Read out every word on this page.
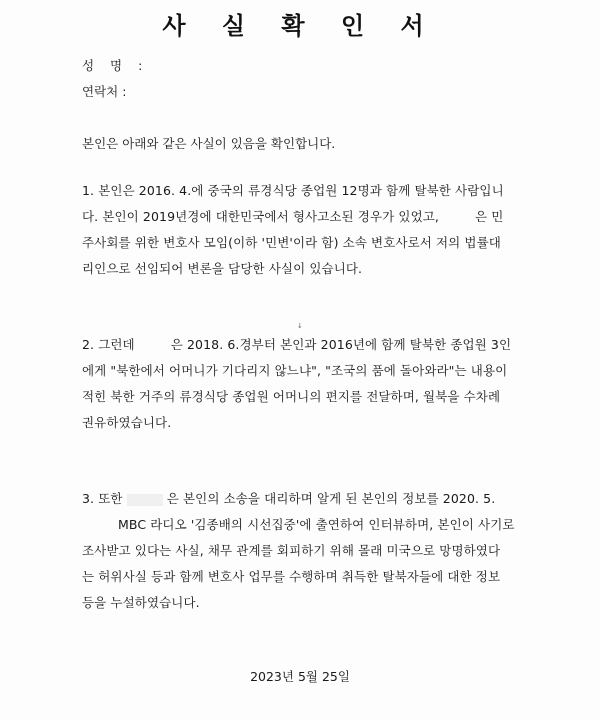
사 실 확 인 서
성 명 :
연락처 :
본인은 아래와 같은 사실이 있음을 확인합니다.
1. 본인은 2016. 4.에 중국의 류경식당 종업원 12명과 함께 탈북한 사람입니
다. 본인이 2019년경에 대한민국에서 형사고소된 경우가 있었고,	은 민
주사회를 위한 변호사 모임(이하 '민변'이라 함) 소속 변호사로서 저의 법률대
리인으로 선임되어 변론을 담당한 사실이 있습니다.
↓
2. 그런데	은 2018. 6.경부터 본인과 2016년에 함께 탈북한 종업원 3인
에게 "북한에서 어머니가 기다리지 않느냐", "조국의 품에 돌아와라"는 내용이
적힌 북한 거주의 류경식당 종업원 어머니의 편지를 전달하며, 월북을 수차례
권유하였습니다.
3. 또한	은 본인의 소송을 대리하며 알게 된 본인의 정보를 2020. 5.
MBC 라디오 '김종배의 시선집중'에 출연하여 인터뷰하며, 본인이 사기로
조사받고 있다는 사실, 채무 관계를 회피하기 위해 몰래 미국으로 망명하였다
는 허위사실 등과 함께 변호사 업무를 수행하며 취득한 탈북자들에 대한 정보
등을 누설하였습니다.
2023년 5월 25일
